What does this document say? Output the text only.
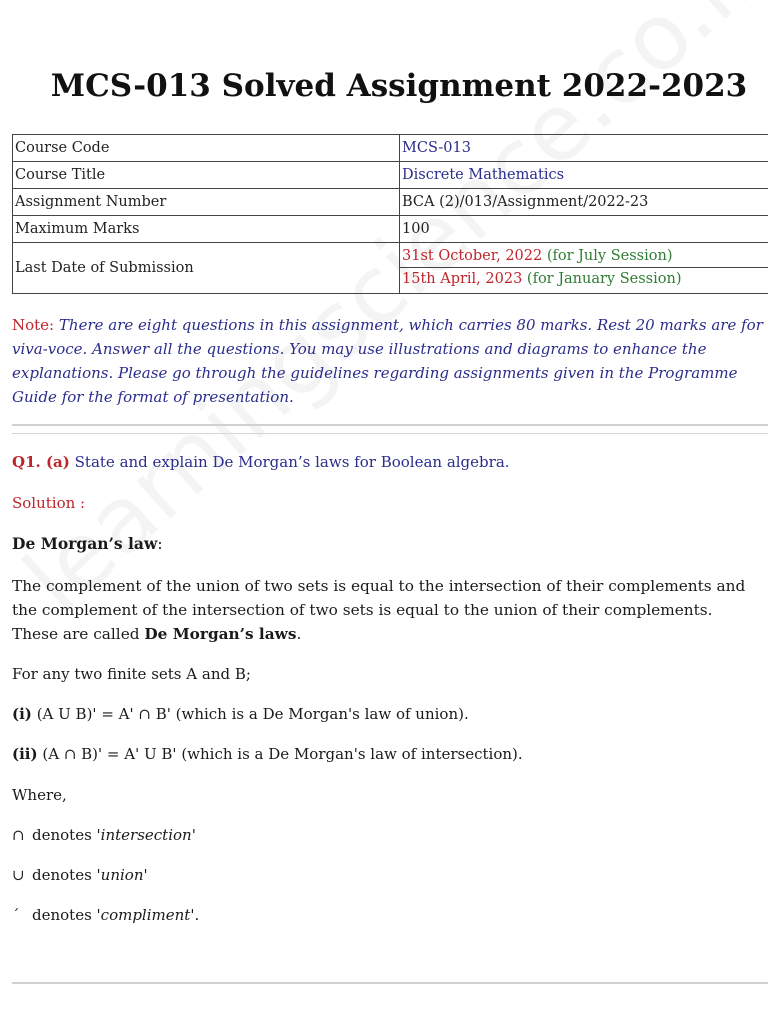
MCS-013 Solved Assignment 2022-2023
Course Code	MCS-013
Course Title	Discrete Mathematics
Assignment Number	BCA (2)/013/Assignment/2022-23
Maximum Marks	100
Last Date of Submission	31st October, 2022 (for July Session)
15th April, 2023 (for January Session)
Note: There are eight questions in this assignment, which carries 80 marks. Rest 20 marks are for viva-voce. Answer all the questions. You may use illustrations and diagrams to enhance the explanations. Please go through the guidelines regarding assignments given in the Programme Guide for the format of presentation.
Q1. (a) State and explain De Morgan’s laws for Boolean algebra.
Solution :
De Morgan’s law:
The complement of the union of two sets is equal to the intersection of their complements and the complement of the intersection of two sets is equal to the union of their complements. These are called De Morgan’s laws.
For any two finite sets A and B;
(i) (A U B)' = A' ∩ B' (which is a De Morgan's law of union).
(ii) (A ∩ B)' = A' U B' (which is a De Morgan's law of intersection).
Where,
∩ denotes 'intersection'
∪ denotes 'union'
´ denotes 'compliment'.
